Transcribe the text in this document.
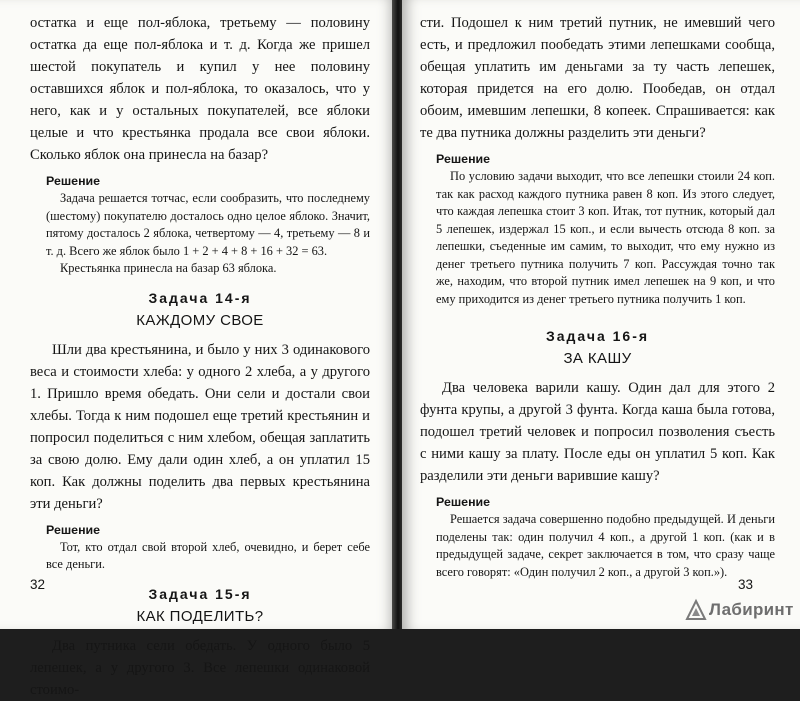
остатка и еще пол-яблока, третьему — половину остатка да еще пол-яблока и т. д. Когда же пришел шестой покупатель и купил у нее половину оставшихся яблок и пол-яблока, то оказалось, что у него, как и у остальных покупателей, все яблоки целые и что крестьянка продала все свои яблоки. Сколько яблок она принесла на базар?

Решение

Задача решается тотчас, если сообразить, что последнему (шестому) покупателю досталось одно целое яблоко. Значит, пятому досталось 2 яблока, четвертому — 4, третьему — 8 и т. д. Всего же яблок было 1 + 2 + 4 + 8 + 16 + 32 = 63.

Крестьянка принесла на базар 63 яблока.

Задача 14-я

КАЖДОМУ СВОЕ

Шли два крестьянина, и было у них 3 одинакового веса и стоимости хлеба: у одного 2 хлеба, а у другого 1. Пришло время обедать. Они сели и достали свои хлебы. Тогда к ним подошел еще третий крестьянин и попросил поделиться с ним хлебом, обещая заплатить за свою долю. Ему дали один хлеб, а он уплатил 15 коп. Как должны поделить два первых крестьянина эти деньги?

Решение

Тот, кто отдал свой второй хлеб, очевидно, и берет себе все деньги.

Задача 15-я

КАК ПОДЕЛИТЬ?

Два путника сели обедать. У одного было 5 лепешек, а у другого 3. Все лепешки одинаковой стоимо-

32

сти. Подошел к ним третий путник, не имевший чего есть, и предложил пообедать этими лепешками сообща, обещая уплатить им деньгами за ту часть лепешек, которая придется на его долю. Пообедав, он отдал обоим, имевшим лепешки, 8 копеек. Спрашивается: как те два путника должны разделить эти деньги?

Решение

По условию задачи выходит, что все лепешки стоили 24 коп. так как расход каждого путника равен 8 коп. Из этого следует, что каждая лепешка стоит 3 коп. Итак, тот путник, который дал 5 лепешек, издержал 15 коп., и если вычесть отсюда 8 коп. за лепешки, съеденные им самим, то выходит, что ему нужно из денег третьего путника получить 7 коп. Рассуждая точно так же, находим, что второй путник имел лепешек на 9 коп, и что ему приходится из денег третьего путника получить 1 коп.

Задача 16-я

ЗА КАШУ

Два человека варили кашу. Один дал для этого 2 фунта крупы, а другой 3 фунта. Когда каша была готова, подошел третий человек и попросил позволения съесть с ними кашу за плату. После еды он уплатил 5 коп. Как разделили эти деньги варившие кашу?

Решение

Решается задача совершенно подобно предыдущей. И деньги поделены так: один получил 4 коп., а другой 1 коп. (как и в предыдущей задаче, секрет заключается в том, что сразу чаще всего говорят: «Один получил 2 коп., а другой 3 коп.»).

33
Лабиринт
